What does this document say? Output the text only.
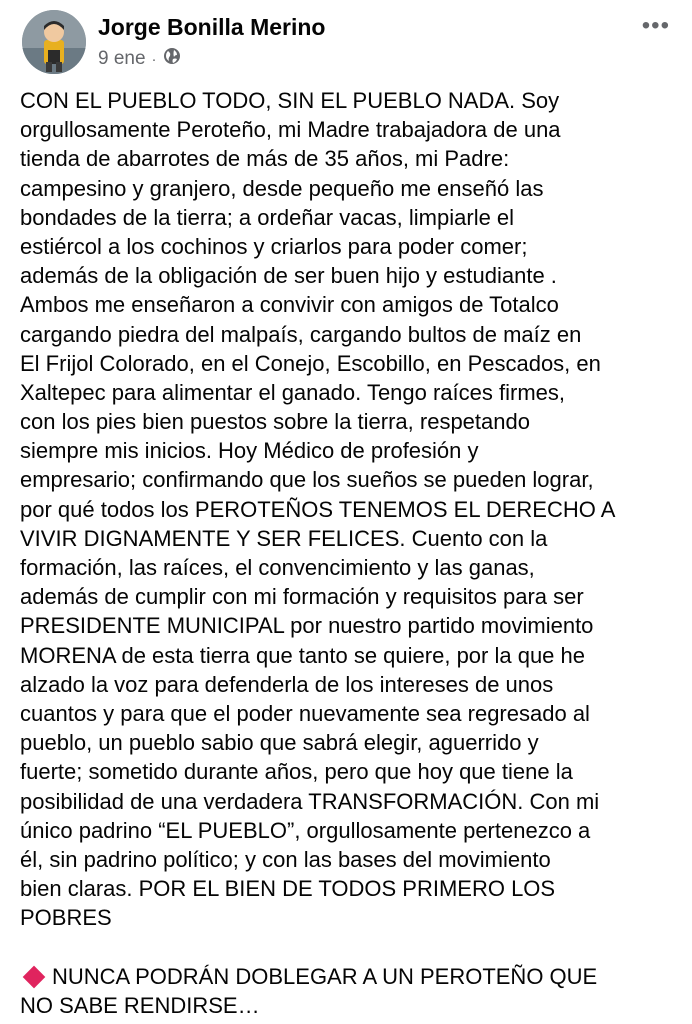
Jorge Bonilla Merino
9 ene ·
•••
CON EL PUEBLO TODO, SIN EL PUEBLO NADA. Soy
orgullosamente Peroteño, mi Madre trabajadora de una
tienda de abarrotes de más de 35 años, mi Padre:
campesino y granjero, desde pequeño me enseñó las
bondades de la tierra; a ordeñar vacas, limpiarle el
estiércol a los cochinos y criarlos para poder comer;
además de la obligación de ser buen hijo y estudiante .
Ambos me enseñaron a convivir con amigos de Totalco
cargando piedra del malpaís, cargando bultos de maíz en
El Frijol Colorado, en el Conejo, Escobillo, en Pescados, en
Xaltepec para alimentar el ganado. Tengo raíces firmes,
con los pies bien puestos sobre la tierra, respetando
siempre mis inicios. Hoy Médico de profesión y
empresario; confirmando que los sueños se pueden lograr,
por qué todos los PEROTEÑOS TENEMOS EL DERECHO A
VIVIR DIGNAMENTE Y SER FELICES. Cuento con la
formación, las raíces, el convencimiento y las ganas,
además de cumplir con mi formación y requisitos para ser
PRESIDENTE MUNICIPAL por nuestro partido movimiento
MORENA de esta tierra que tanto se quiere, por la que he
alzado la voz para defenderla de los intereses de unos
cuantos y para que el poder nuevamente sea regresado al
pueblo, un pueblo sabio que sabrá elegir, aguerrido y
fuerte; sometido durante años, pero que hoy que tiene la
posibilidad de una verdadera TRANSFORMACIÓN. Con mi
único padrino “EL PUEBLO”, orgullosamente pertenezco a
él, sin padrino político; y con las bases del movimiento
bien claras. POR EL BIEN DE TODOS PRIMERO LOS
POBRES
NUNCA PODRÁN DOBLEGAR A UN PEROTEÑO QUE
NO SABE RENDIRSE…
